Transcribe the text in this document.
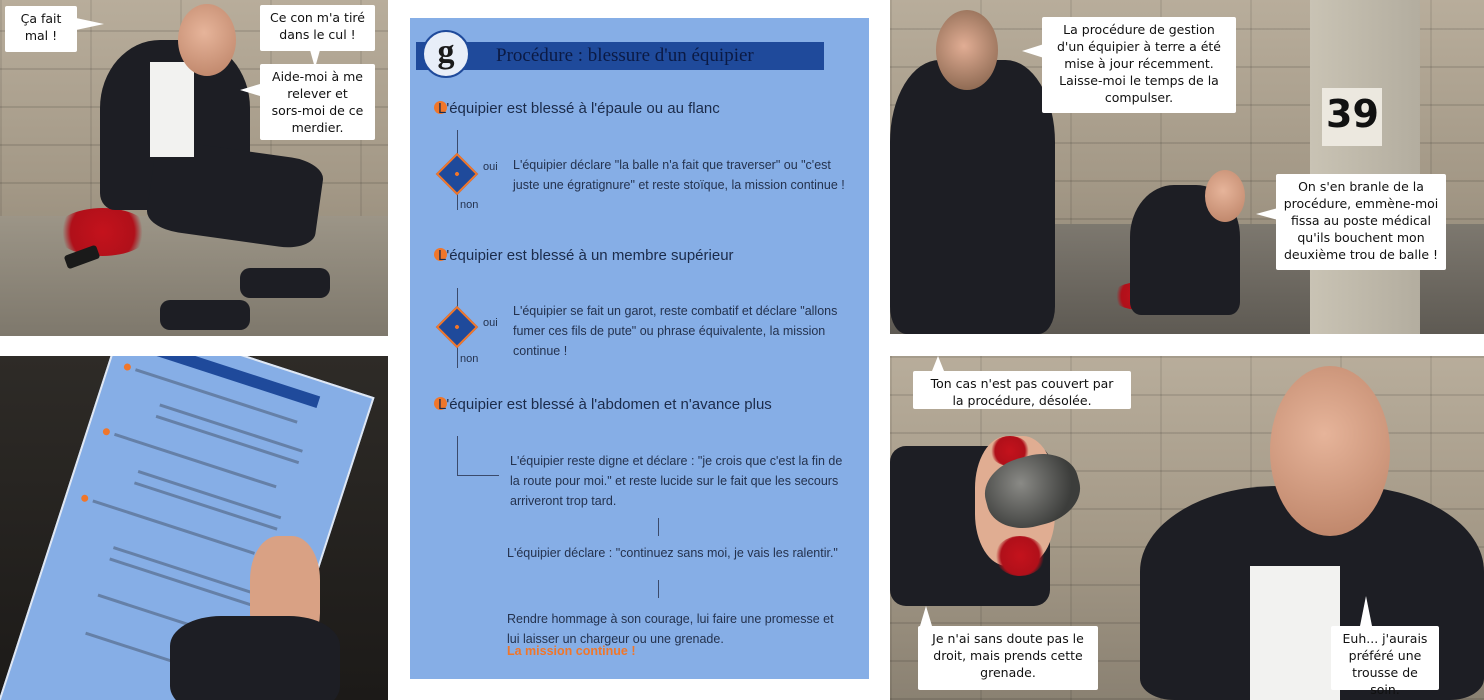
Ça fait
mal !
Ce con m'a tiré
dans le cul !
Aide-moi à me
relever et
sors-moi de ce
merdier.
g Procédure : blessure d'un équipier
L'équipier est blessé à l'épaule ou au flanc
oui
non
L'équipier déclare "la balle n'a fait que traverser" ou "c'est juste une égratignure" et reste stoïque, la mission continue !
L'équipier est blessé à un membre supérieur
oui
non
L'équipier se fait un garot, reste combatif et déclare "allons fumer ces fils de pute" ou phrase équivalente, la mission continue !
L'équipier est blessé à l'abdomen et n'avance plus
L'équipier reste digne et déclare : "je crois que c'est la fin de la route pour moi." et reste lucide sur le fait que les secours arriveront trop tard.
L'équipier déclare : "continuez sans moi, je vais les ralentir."
Rendre hommage à son courage, lui faire une promesse et lui laisser un chargeur ou une grenade.
La mission continue !
39
La procédure de gestion
d'un équipier à terre a été
mise à jour récemment.
Laisse-moi le temps de la
compulser.
On s'en branle de la
procédure, emmène-moi
fissa au poste médical
qu'ils bouchent mon
deuxième trou de balle !
Ton cas n'est pas couvert par
la procédure, désolée.
Je n'ai sans doute pas le
droit, mais prends cette
grenade.
Euh... j'aurais
préféré une
trousse de soin.
